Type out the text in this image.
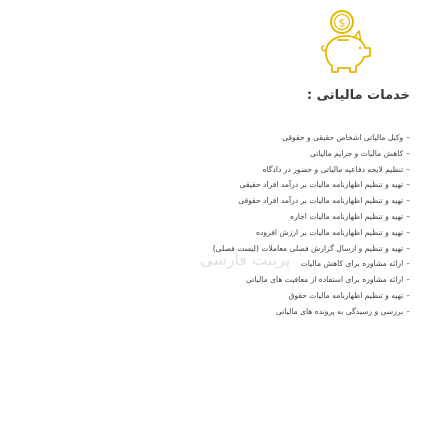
$
خدمات مالیاتی :
–وکیل مالیاتی اشخاص حقیقی و حقوقی
–کاهش مالیات و جرایم مالیاتی
–تنظیم لایحه دفاعیه مالیاتی و حضور در دادگاه
–تهیه و تنظیم اظهارنامه مالیات بر درآمد افراد حقیقی
–تهیه و تنظیم اظهارنامه مالیات بر درآمد افراد حقوقی
–تهیه و تنظیم اظهارنامه مالیات اجاره
–تهیه و تنظیم اظهارنامه مالیات بر ارزش افزوده
–تهیه و تنظیم و ارسال گزارش فصلی معاملات (لیست فصلی)
–ارائه مشاوره برای کاهش مالیات
–ارائه مشاوره برای استفاده از معافیت های مالیاتی
–تهیه و تنظیم اظهارنامه مالیات حقوق
–بررسی و رسیدگی به پرونده های مالیاتی
پرینت فارسی
